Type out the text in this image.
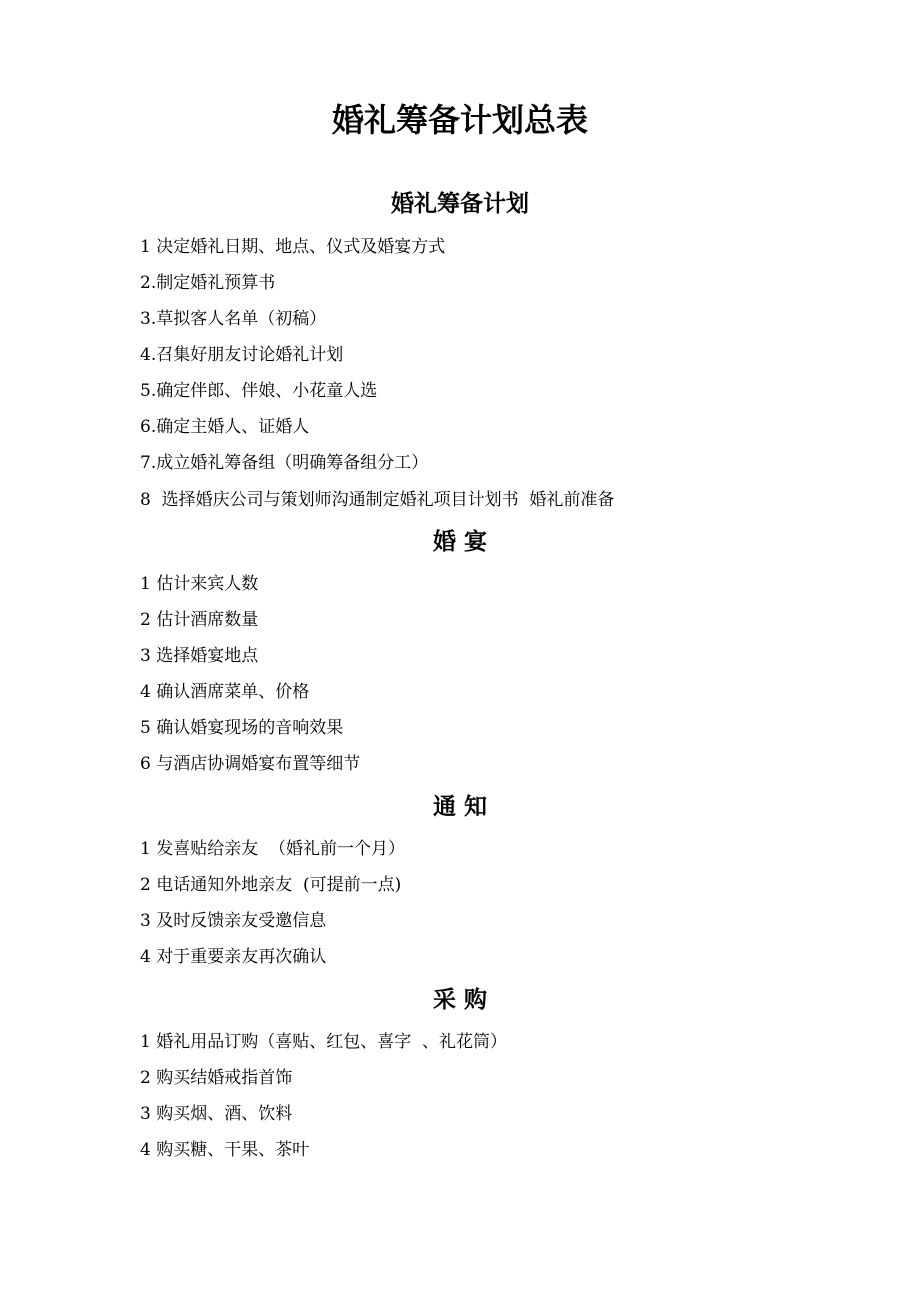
婚礼筹备计划总表
婚礼筹备计划
1 决定婚礼日期、地点、仪式及婚宴方式
2.制定婚礼预算书
3.草拟客人名单（初稿）
4.召集好朋友讨论婚礼计划
5.确定伴郎、伴娘、小花童人选
6.确定主婚人、证婚人
7.成立婚礼筹备组（明确筹备组分工）
8  选择婚庆公司与策划师沟通制定婚礼项目计划书  婚礼前准备
婚 宴
1 估计来宾人数
2 估计酒席数量
3 选择婚宴地点
4 确认酒席菜单、价格
5 确认婚宴现场的音响效果
6 与酒店协调婚宴布置等细节
通 知
1 发喜贴给亲友  （婚礼前一个月）
2 电话通知外地亲友  (可提前一点)
3 及时反馈亲友受邀信息
4 对于重要亲友再次确认
采 购
1 婚礼用品订购（喜贴、红包、喜字  、礼花筒）
2 购买结婚戒指首饰
3 购买烟、酒、饮料
4 购买糖、干果、茶叶
